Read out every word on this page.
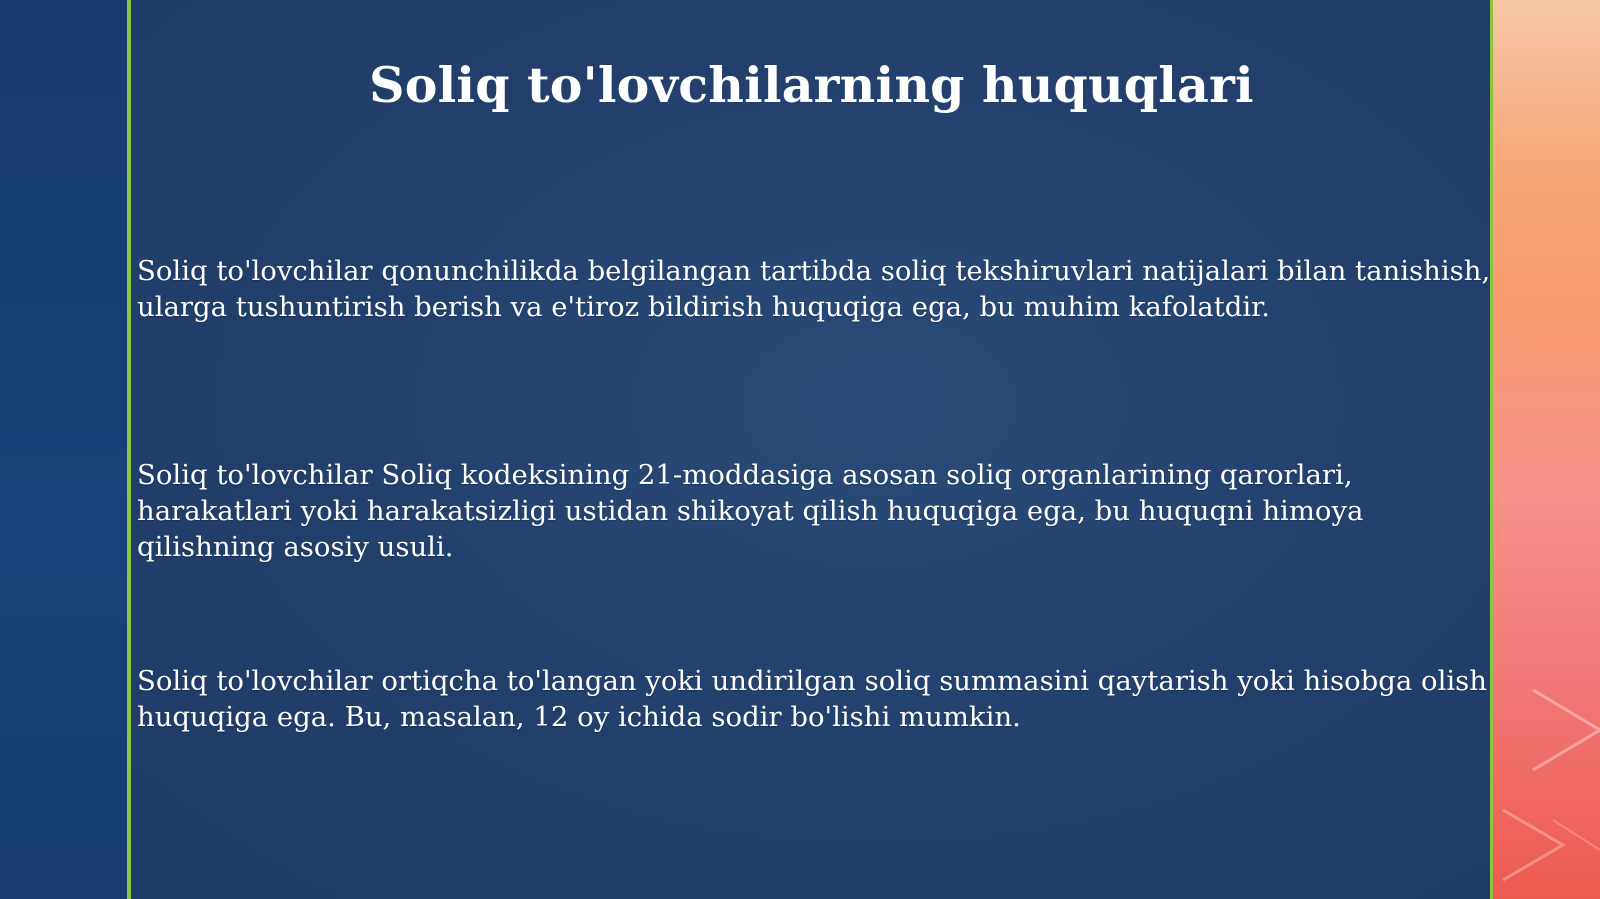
Soliq to'lovchilarning huquqlari
Soliq to'lovchilar qonunchilikda belgilangan tartibda soliq tekshiruvlari natijalari bilan tanishish, ularga tushuntirish berish va e'tiroz bildirish huquqiga ega, bu muhim kafolatdir.
Soliq to'lovchilar Soliq kodeksining 21-moddasiga asosan soliq organlarining qarorlari, harakatlari yoki harakatsizligi ustidan shikoyat qilish huquqiga ega, bu huquqni himoya qilishning asosiy usuli.
Soliq to'lovchilar ortiqcha to'langan yoki undirilgan soliq summasini qaytarish yoki hisobga olish huquqiga ega. Bu, masalan, 12 oy ichida sodir bo'lishi mumkin.
